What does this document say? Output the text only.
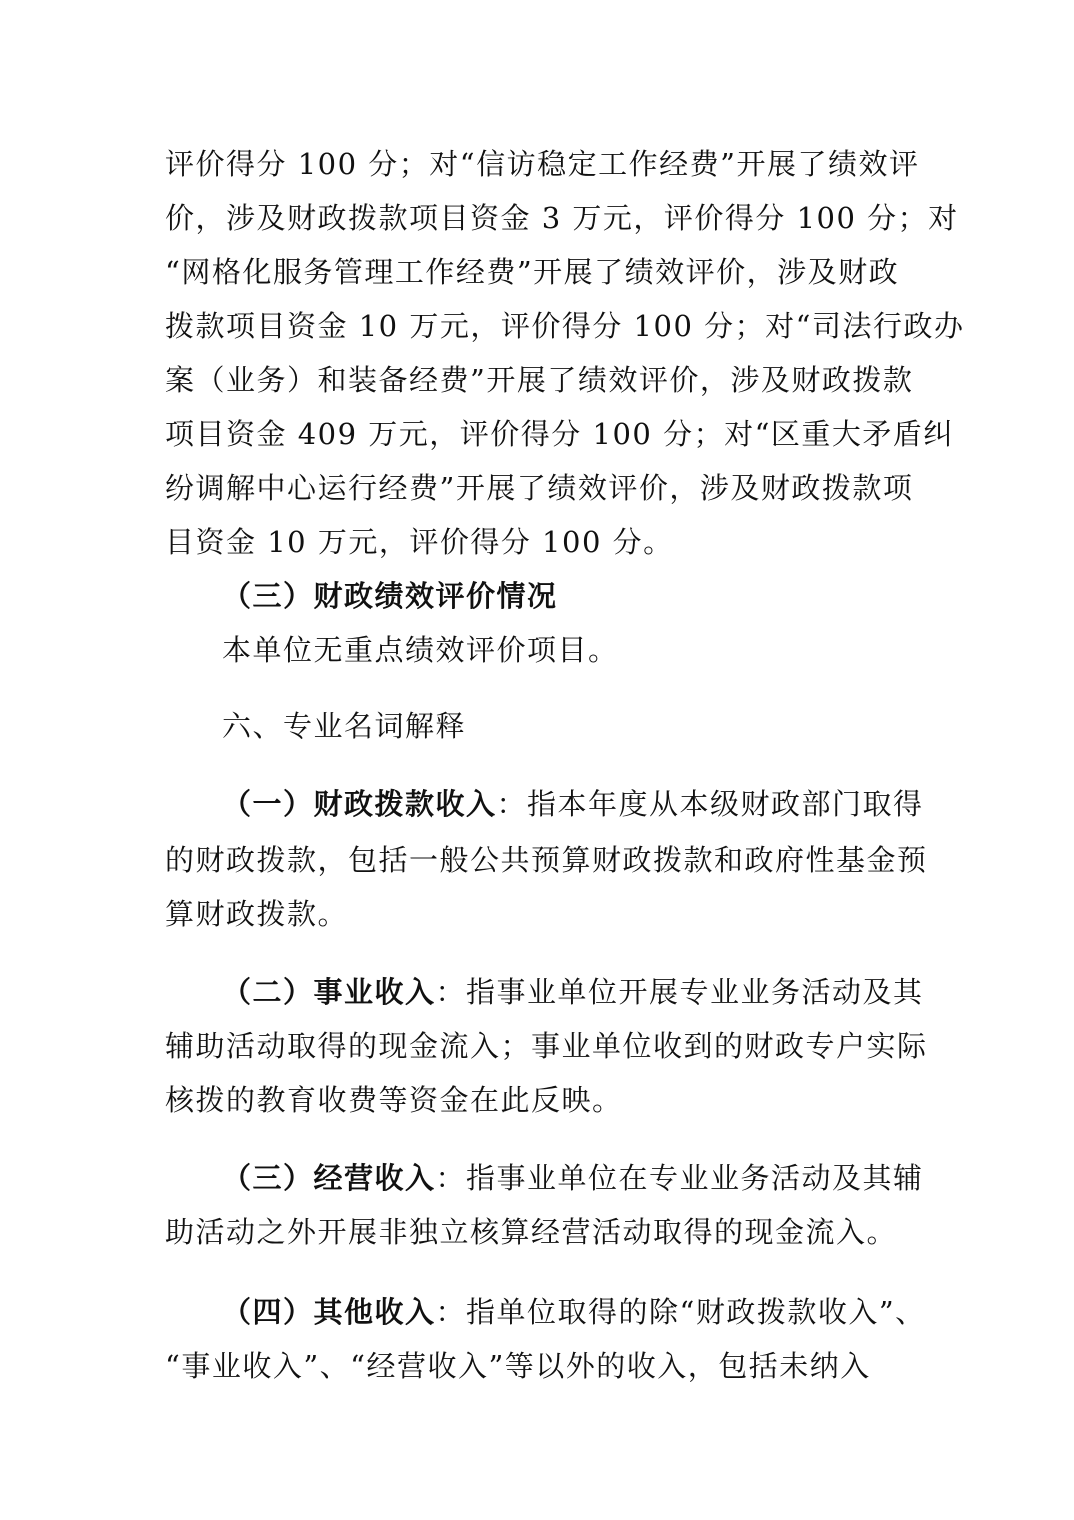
评价得分 100 分；对“信访稳定工作经费”开展了绩效评
价，涉及财政拨款项目资金 3 万元，评价得分 100 分；对
“网格化服务管理工作经费”开展了绩效评价，涉及财政
拨款项目资金 10 万元，评价得分 100 分；对“司法行政办
案（业务）和装备经费”开展了绩效评价，涉及财政拨款
项目资金 409 万元，评价得分 100 分；对“区重大矛盾纠
纷调解中心运行经费”开展了绩效评价，涉及财政拨款项
目资金 10 万元，评价得分 100 分。
（三）财政绩效评价情况
本单位无重点绩效评价项目。
六、专业名词解释
（一）财政拨款收入：指本年度从本级财政部门取得
的财政拨款，包括一般公共预算财政拨款和政府性基金预
算财政拨款。
（二）事业收入：指事业单位开展专业业务活动及其
辅助活动取得的现金流入；事业单位收到的财政专户实际
核拨的教育收费等资金在此反映。
（三）经营收入：指事业单位在专业业务活动及其辅
助活动之外开展非独立核算经营活动取得的现金流入。
（四）其他收入：指单位取得的除“财政拨款收入”、
“事业收入”、“经营收入”等以外的收入，包括未纳入
